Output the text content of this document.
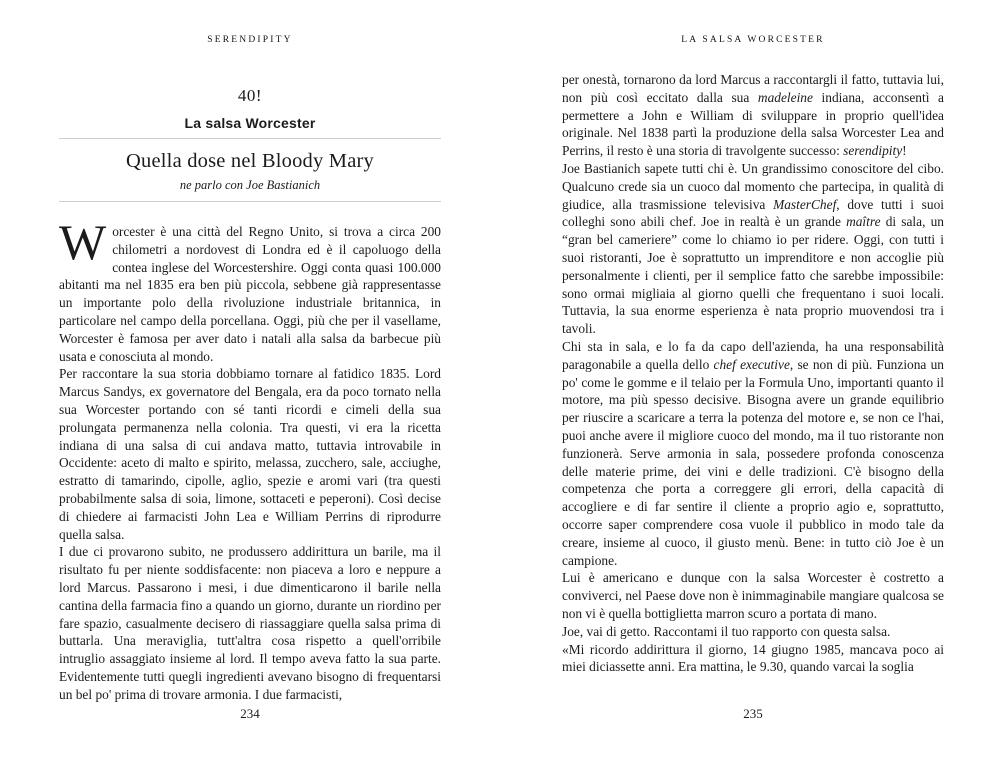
SERENDIPITY
40!
La salsa Worcester
Quella dose nel Bloody Mary
ne parlo con Joe Bastianich

Worcester è una città del Regno Unito, si trova a circa 200 chilometri a nordovest di Londra ed è il capoluogo della contea inglese del Worcestershire. Oggi conta quasi 100.000 abitanti ma nel 1835 era ben più piccola, sebbene già rappresentasse un importante polo della rivoluzione industriale britannica, in particolare nel campo della porcellana. Oggi, più che per il vasellame, Worcester è famosa per aver dato i natali alla salsa da barbecue più usata e conosciuta al mondo.

Per raccontare la sua storia dobbiamo tornare al fatidico 1835. Lord Marcus Sandys, ex governatore del Bengala, era da poco tornato nella sua Worcester portando con sé tanti ricordi e cimeli della sua prolungata permanenza nella colonia. Tra questi, vi era la ricetta indiana di una salsa di cui andava matto, tuttavia introvabile in Occidente: aceto di malto e spirito, melassa, zucchero, sale, acciughe, estratto di tamarindo, cipolle, aglio, spezie e aromi vari (tra questi probabilmente salsa di soia, limone, sottaceti e peperoni). Così decise di chiedere ai farmacisti John Lea e William Perrins di riprodurre quella salsa.

I due ci provarono subito, ne produssero addirittura un barile, ma il risultato fu per niente soddisfacente: non piaceva a loro e neppure a lord Marcus. Passarono i mesi, i due dimenticarono il barile nella cantina della farmacia fino a quando un giorno, durante un riordino per fare spazio, casualmente decisero di riassaggiare quella salsa prima di buttarla. Una meraviglia, tutt'altra cosa rispetto a quell'orribile intruglio assaggiato insieme al lord. Il tempo aveva fatto la sua parte. Evidentemente tutti quegli ingredienti avevano bisogno di frequentarsi un bel po' prima di trovare armonia. I due farmacisti,

234
LA SALSA WORCESTER

per onestà, tornarono da lord Marcus a raccontargli il fatto, tuttavia lui, non più così eccitato dalla sua madeleine indiana, acconsentì a permettere a John e William di sviluppare in proprio quell'idea originale. Nel 1838 partì la produzione della salsa Worcester Lea and Perrins, il resto è una storia di travolgente successo: serendipity!

Joe Bastianich sapete tutti chi è. Un grandissimo conoscitore del cibo. Qualcuno crede sia un cuoco dal momento che partecipa, in qualità di giudice, alla trasmissione televisiva MasterChef, dove tutti i suoi colleghi sono abili chef. Joe in realtà è un grande maître di sala, un “gran bel cameriere” come lo chiamo io per ridere. Oggi, con tutti i suoi ristoranti, Joe è soprattutto un imprenditore e non accoglie più personalmente i clienti, per il semplice fatto che sarebbe impossibile: sono ormai migliaia al giorno quelli che frequentano i suoi locali. Tuttavia, la sua enorme esperienza è nata proprio muovendosi tra i tavoli.

Chi sta in sala, e lo fa da capo dell'azienda, ha una responsabilità paragonabile a quella dello chef executive, se non di più. Funziona un po' come le gomme e il telaio per la Formula Uno, importanti quanto il motore, ma più spesso decisive. Bisogna avere un grande equilibrio per riuscire a scaricare a terra la potenza del motore e, se non ce l'hai, puoi anche avere il migliore cuoco del mondo, ma il tuo ristorante non funzionerà. Serve armonia in sala, possedere profonda conoscenza delle materie prime, dei vini e delle tradizioni. C'è bisogno della competenza che porta a correggere gli errori, della capacità di accogliere e di far sentire il cliente a proprio agio e, soprattutto, occorre saper comprendere cosa vuole il pubblico in modo tale da creare, insieme al cuoco, il giusto menù. Bene: in tutto ciò Joe è un campione.

Lui è americano e dunque con la salsa Worcester è costretto a conviverci, nel Paese dove non è inimmaginabile mangiare qualcosa se non vi è quella bottiglietta marron scuro a portata di mano.

Joe, vai di getto. Raccontami il tuo rapporto con questa salsa.

«Mi ricordo addirittura il giorno, 14 giugno 1985, mancava poco ai miei diciassette anni. Era mattina, le 9.30, quando varcai la soglia

235
